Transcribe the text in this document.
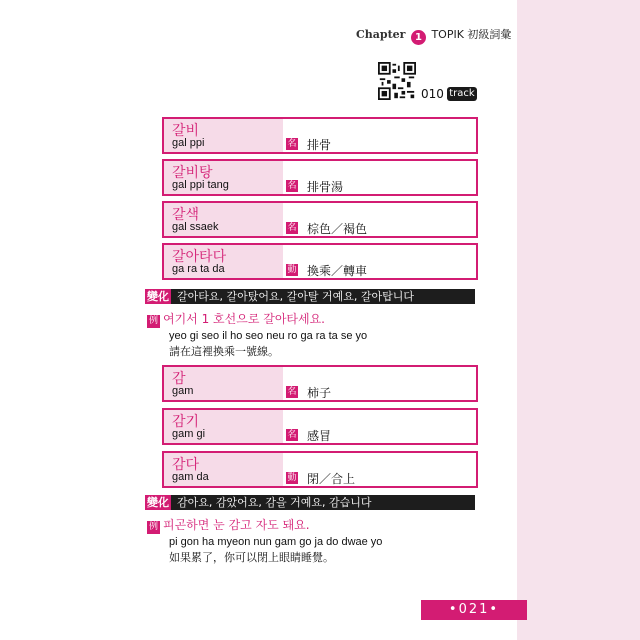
Chapter 1 TOPIK 初級詞彙
010 track
갈비
gal ppi	名 排骨
갈비탕
gal ppi tang	名 排骨湯
갈색
gal ssaek	名 棕色／褐色
갈아타다
ga ra ta da	動 換乘／轉車
變化 갈아타요, 갈아탔어요, 갈아탈 거예요, 갈아탑니다
例 여기서 1 호선으로 갈아타세요.
yeo gi seo il ho seo neu ro ga ra ta se yo
請在這裡換乘一號線。
감
gam	名 柿子
감기
gam gi	名 感冒
감다
gam da	動 閉／合上
變化 감아요, 감았어요, 감을 거예요, 감습니다
例 피곤하면 눈 감고 자도 돼요.
pi gon ha myeon nun gam go ja do dwae yo
如果累了，你可以閉上眼睛睡覺。
•021•
